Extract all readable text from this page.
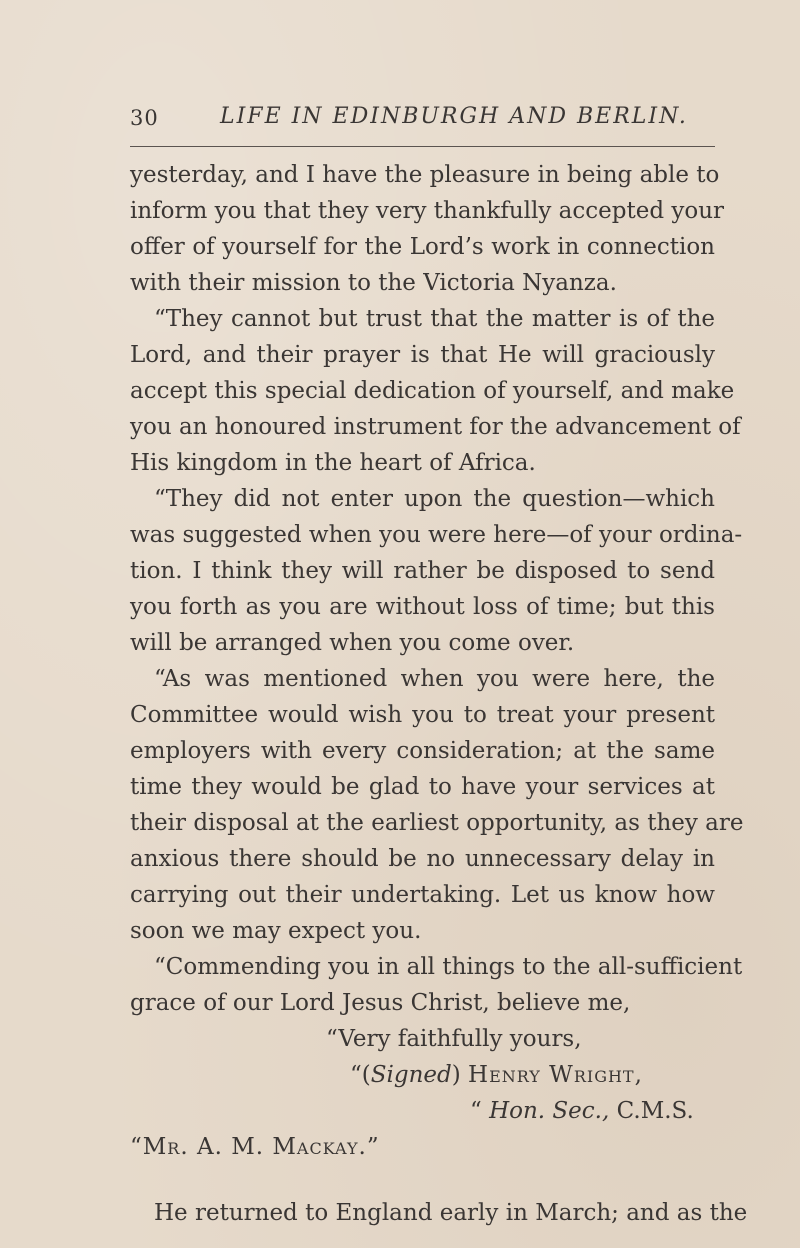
30	LIFE IN EDINBURGH AND BERLIN.
yesterday, and I have the pleasure in being able to
inform you that they very thankfully accepted your
offer of yourself for the Lord’s work in connection
with their mission to the Victoria Nyanza.
“They cannot but trust that the matter is of the
Lord, and their prayer is that He will graciously
accept this special dedication of yourself, and make
you an honoured instrument for the advancement of
His kingdom in the heart of Africa.
“They did not enter upon the question—which
was suggested when you were here—of your ordina-
tion. I think they will rather be disposed to send
you forth as you are without loss of time; but this
will be arranged when you come over.
“As was mentioned when you were here, the
Committee would wish you to treat your present
employers with every consideration; at the same
time they would be glad to have your services at
their disposal at the earliest opportunity, as they are
anxious there should be no unnecessary delay in
carrying out their undertaking. Let us know how
soon we may expect you.
“Commending you in all things to the all-sufficient
grace of our Lord Jesus Christ, believe me,
“Very faithfully yours,
“(Signed) Henry Wright,
“ Hon. Sec., C.M.S.
“Mr. A. M. Mackay.”
He returned to England early in March; and as the
